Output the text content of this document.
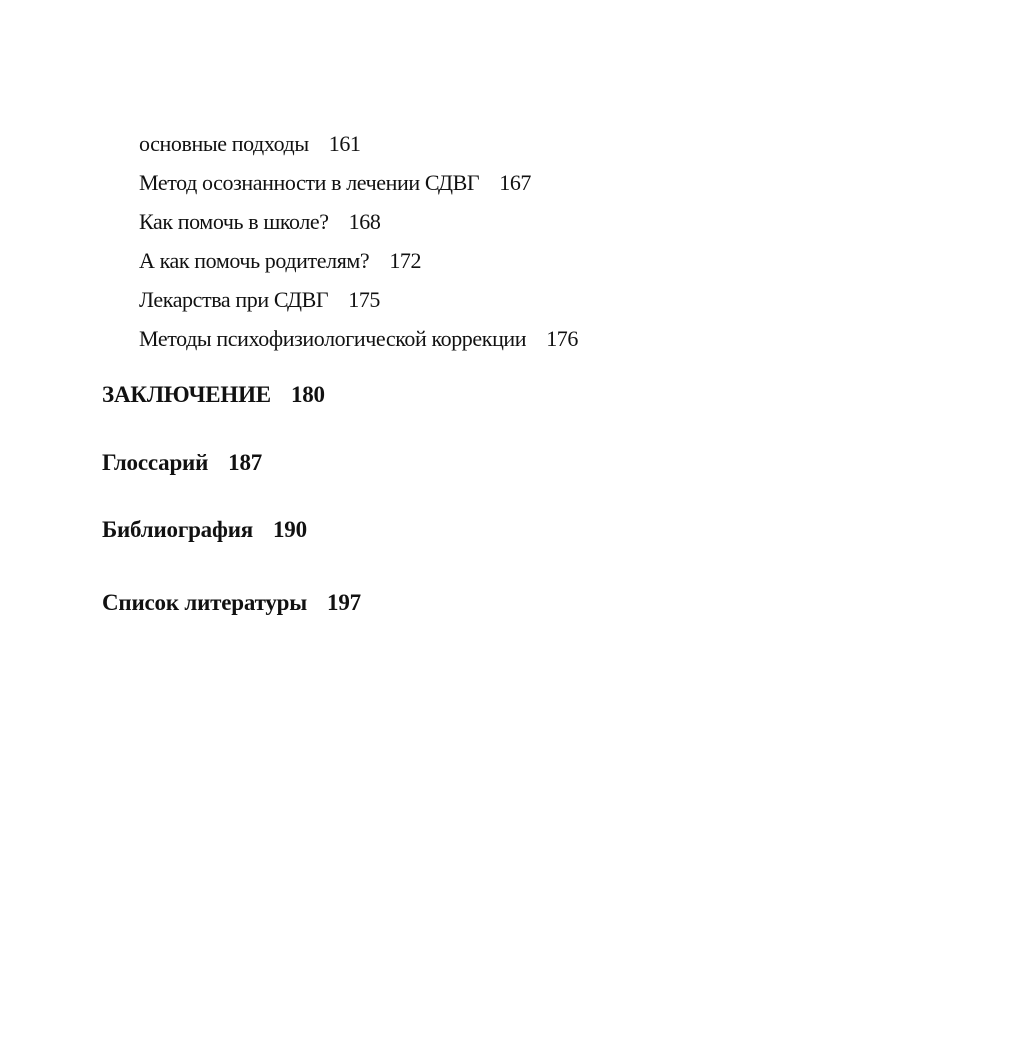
основные подходы 161
Метод осознанности в лечении СДВГ 167
Как помочь в школе? 168
А как помочь родителям? 172
Лекарства при СДВГ 175
Методы психофизиологической коррекции 176
ЗАКЛЮЧЕНИЕ 180
Глоссарий 187
Библиография 190
Список литературы 197
